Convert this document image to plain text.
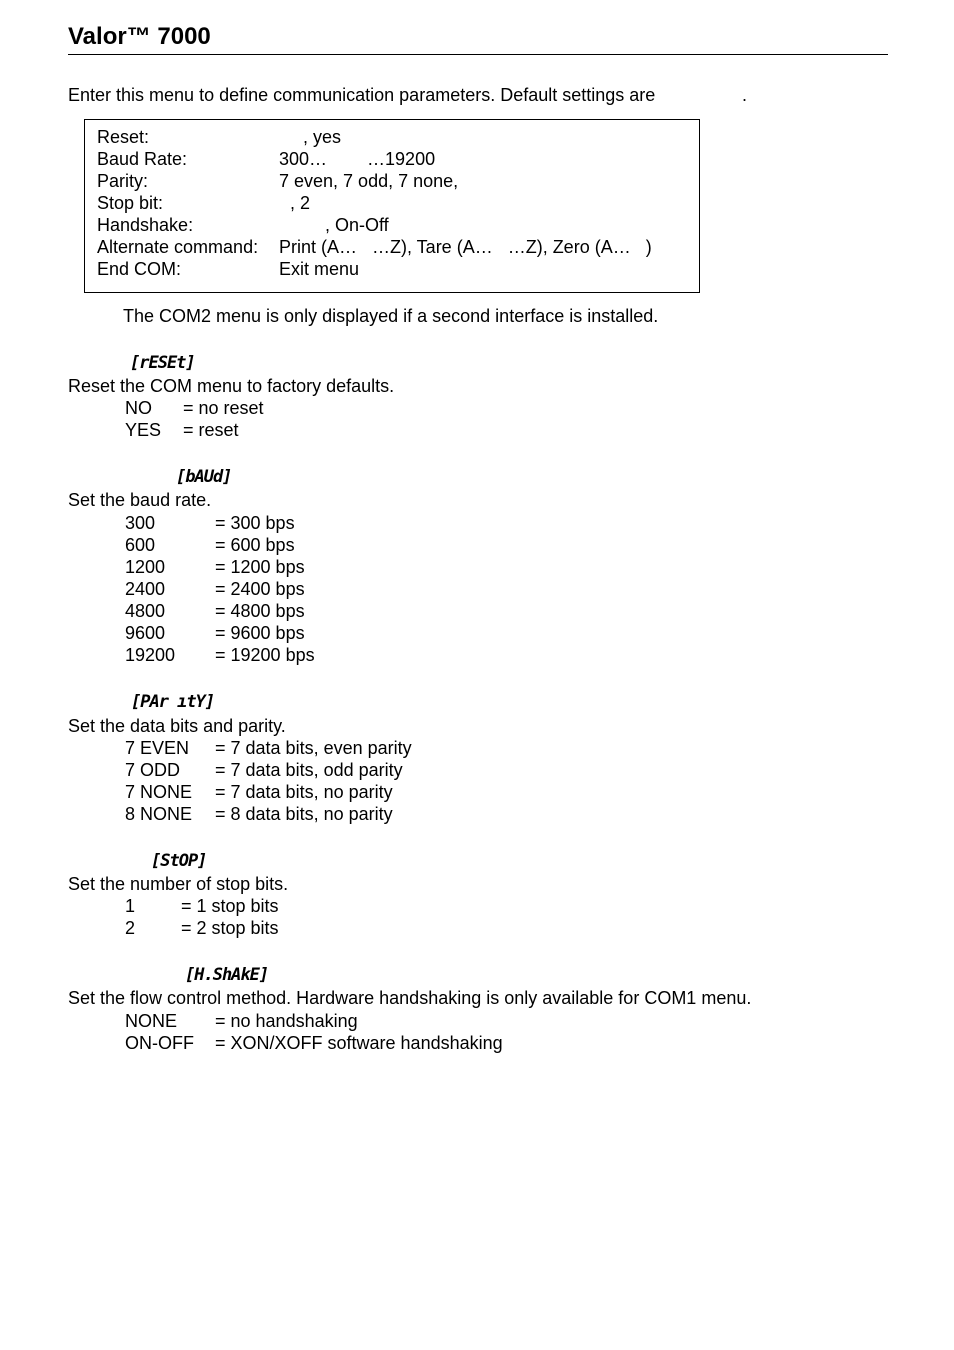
Valor™ 7000
Enter this menu to define communication parameters. Default settings are	.

Reset:

	, yes

Baud Rate:

	300…        …19200

Parity:

	7 even, 7 odd, 7 none,

Stop bit:

	, 2

Handshake:

	, On-Off

Alternate command:

Print (A…   …Z), Tare (A…   …Z), Zero (A…   )

End COM:

	Exit menu

The COM2 menu is only displayed if a second interface is installed.
[rESEt]
Reset the COM menu to factory defaults.
NO = no reset
YES = reset
[bAUd]
Set the baud rate.
300	= 300 bps
600	= 600 bps
1200	= 1200 bps
2400	= 2400 bps
4800	= 4800 bps
9600	= 9600 bps
19200 = 19200 bps
[PAr ıtY]
Set the data bits and parity.
7 EVEN = 7 data bits, even parity
7 ODD = 7 data bits, odd parity
7 NONE = 7 data bits, no parity
8 NONE = 8 data bits, no parity
[StOP]
Set the number of stop bits.
1	= 1 stop bits
2	= 2 stop bits
[H.ShAkE]
Set the flow control method. Hardware handshaking is only available for COM1 menu.
NONE = no handshaking
ON-OFF = XON/XOFF software handshaking
